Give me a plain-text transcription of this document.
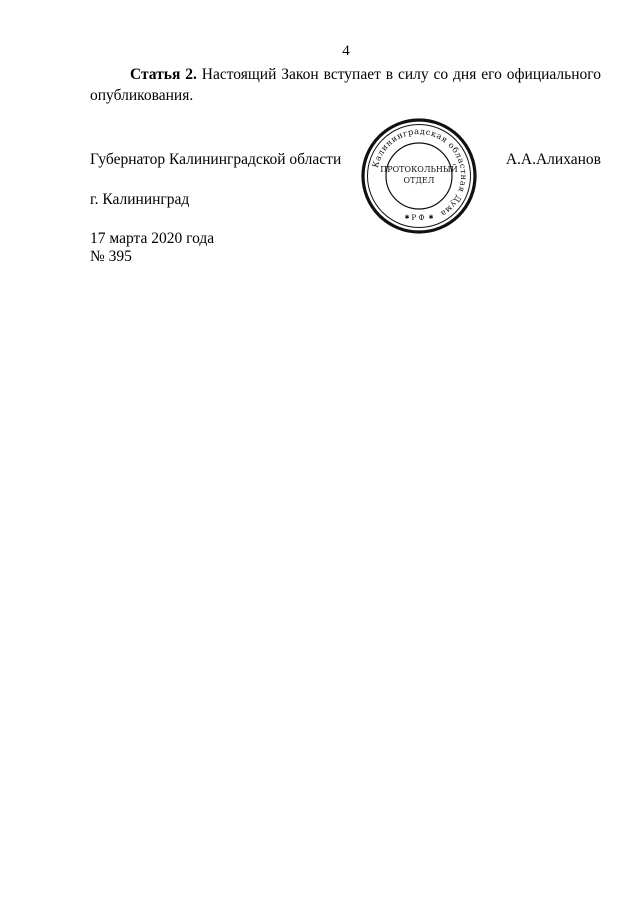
4
Статья 2. Настоящий Закон вступает в силу со дня его официального
опубликования.
Губернатор Калининградской области	А.А.Алиханов
Калининградская областная Дума
ПРОТОКОЛЬНЫЙ
ОТДЕЛ
✱ РФ ✱
г. Калининград
17 марта 2020 года
№ 395
